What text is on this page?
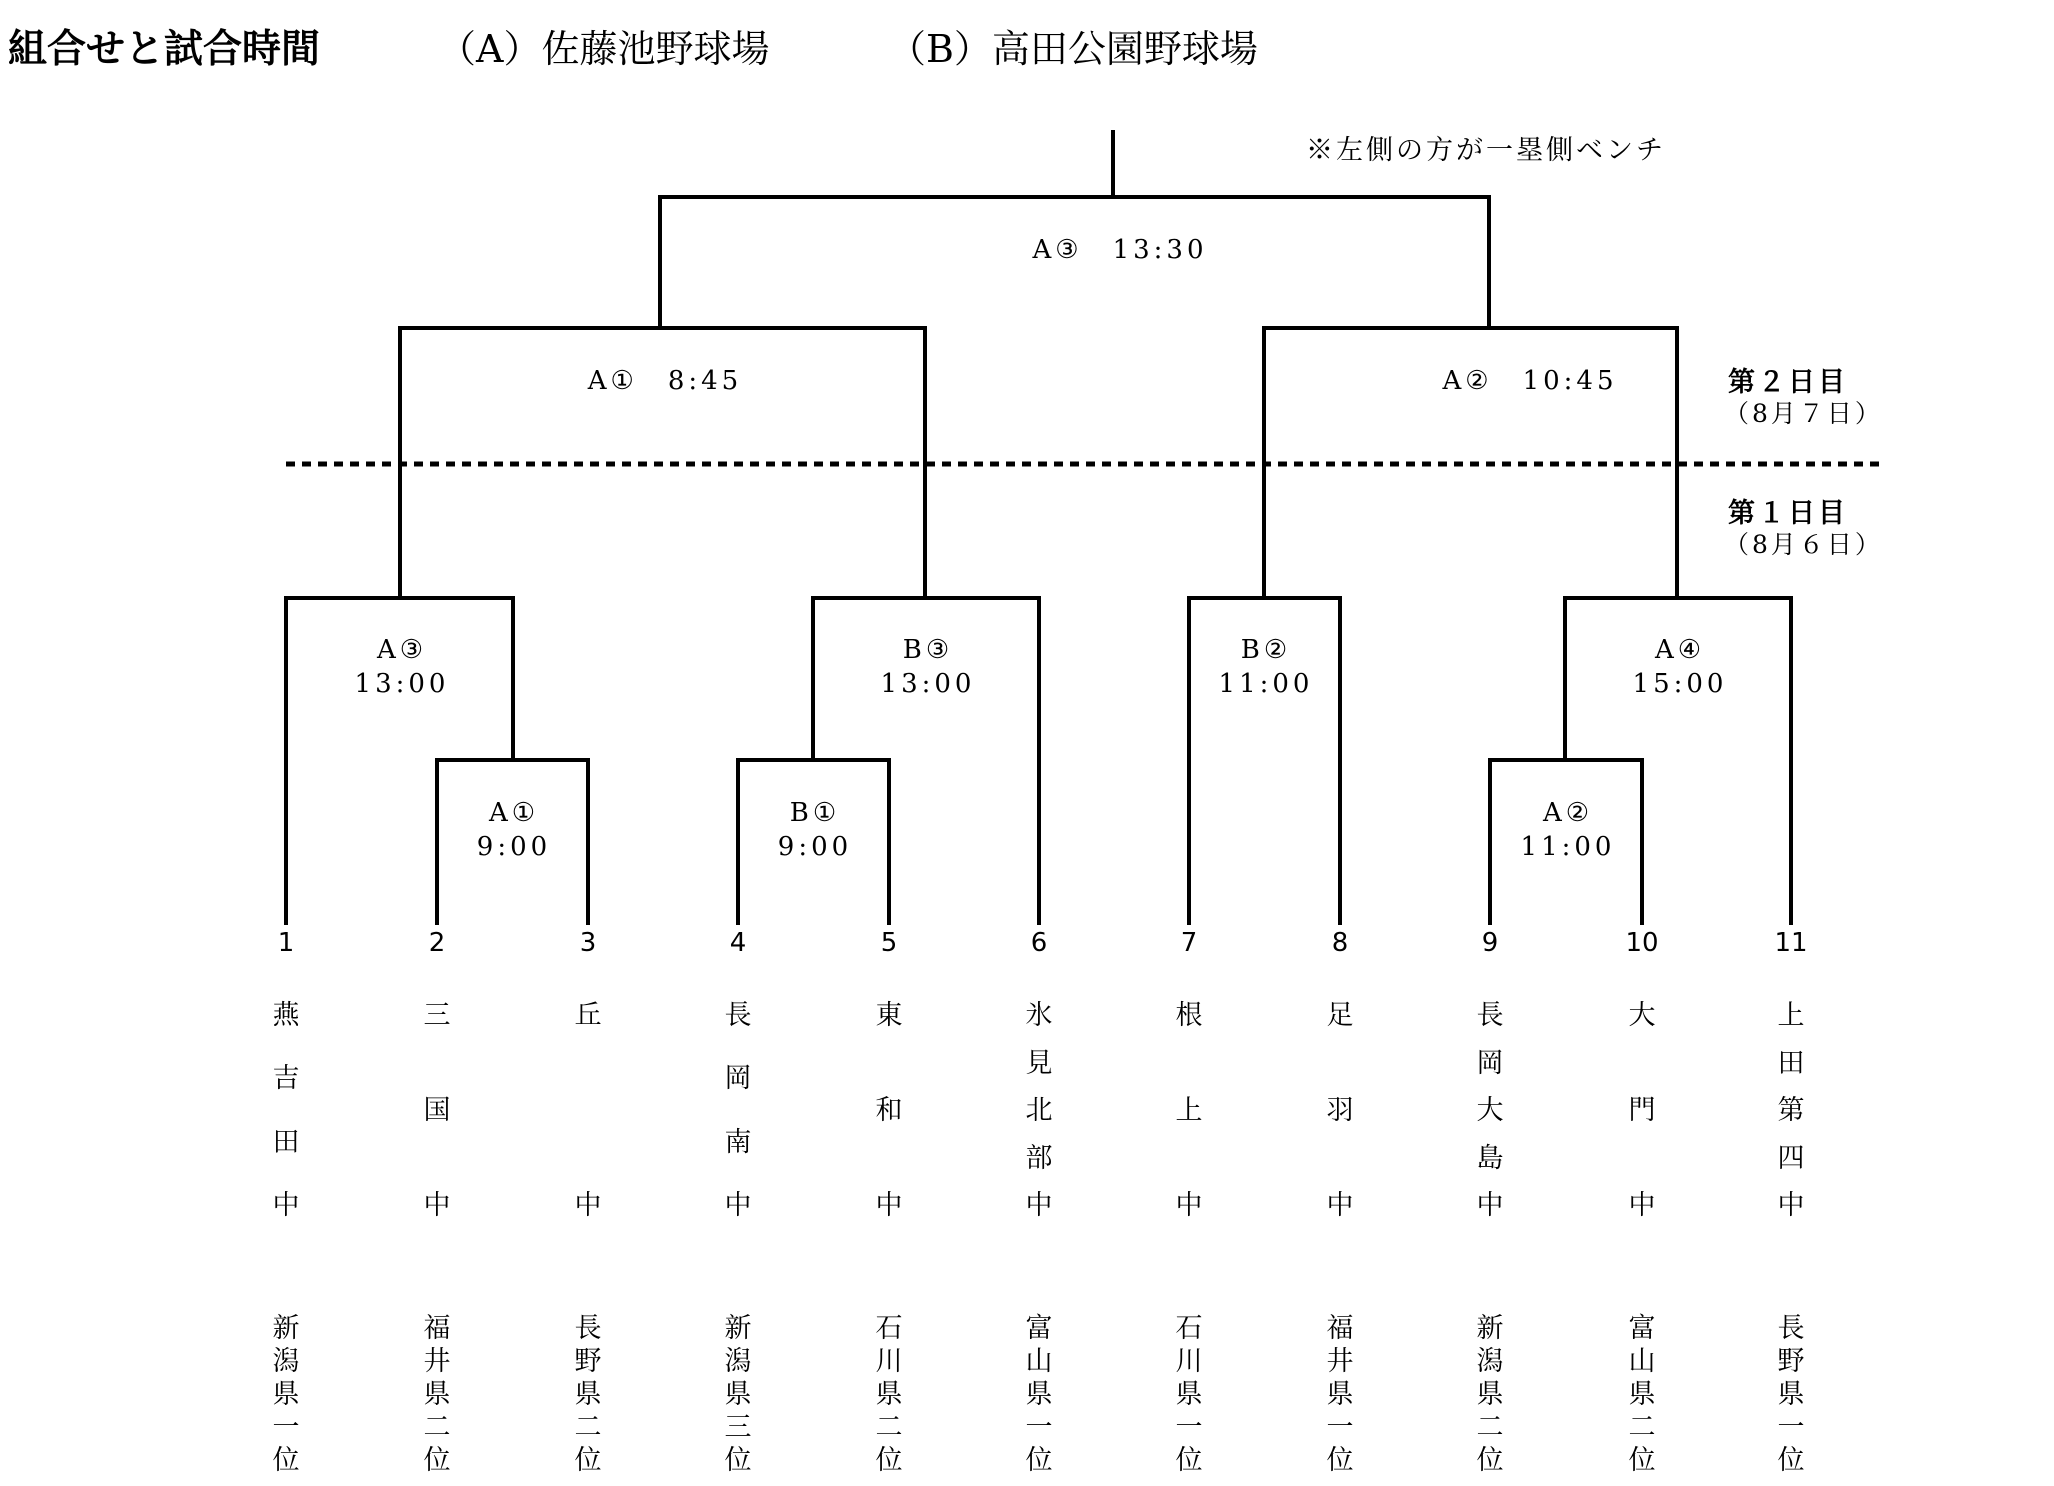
組合せと試合時間	（A）佐藤池野球場	（B）高田公園野球場
※左側の方が一塁側ベンチ
第２日目
（8月７日）
第１日目
（8月６日）
A③　13:30
A①　8:45	A②　10:45
A③
13:00
A①
9:00
B③
13:00
B①
9:00
B②
11:00
A④
15:00
A②
11:00
1
燕
吉
田
中
新
潟
県
一
位
2
三
国
中
福
井
県
二
位
3
丘
中
長
野
県
二
位
4
長
岡
南
中
新
潟
県
三
位
5
東
和
中
石
川
県
二
位
6
氷
見
北
部
中
富
山
県
一
位
7
根
上
中
石
川
県
一
位
8
足
羽
中
福
井
県
一
位
9
長
岡
大
島
中
新
潟
県
二
位
10
大
門
中
富
山
県
二
位
11
上
田
第
四
中
長
野
県
一
位
